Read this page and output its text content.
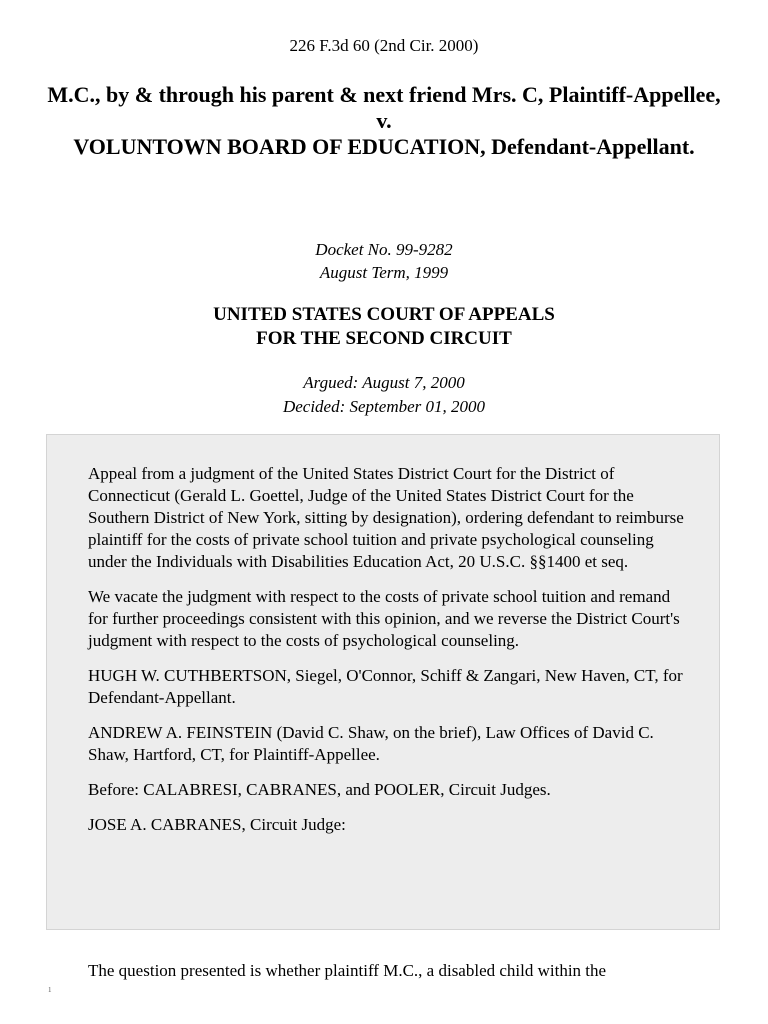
226 F.3d 60 (2nd Cir. 2000)
M.C., by & through his parent & next friend Mrs. C, Plaintiff-Appellee,
v.
VOLUNTOWN BOARD OF EDUCATION, Defendant-Appellant.
Docket No. 99-9282
August Term, 1999
UNITED STATES COURT OF APPEALS
FOR THE SECOND CIRCUIT
Argued: August 7, 2000
Decided: September 01, 2000

Appeal from a judgment of the United States District Court for the District of Connecticut (Gerald L. Goettel, Judge of the United States District Court for the Southern District of New York, sitting by designation), ordering defendant to reimburse plaintiff for the costs of private school tuition and private psychological counseling under the Individuals with Disabilities Education Act, 20 U.S.C. §§1400 et seq.

We vacate the judgment with respect to the costs of private school tuition and remand for further proceedings consistent with this opinion, and we reverse the District Court's judgment with respect to the costs of psychological counseling.

HUGH W. CUTHBERTSON, Siegel, O'Connor, Schiff & Zangari, New Haven, CT, for Defendant-Appellant.

ANDREW A. FEINSTEIN (David C. Shaw, on the brief), Law Offices of David C. Shaw, Hartford, CT, for Plaintiff-Appellee.

Before: CALABRESI, CABRANES, and POOLER, Circuit Judges.

JOSE A. CABRANES, Circuit Judge:

The question presented is whether plaintiff M.C., a disabled child within the
1
